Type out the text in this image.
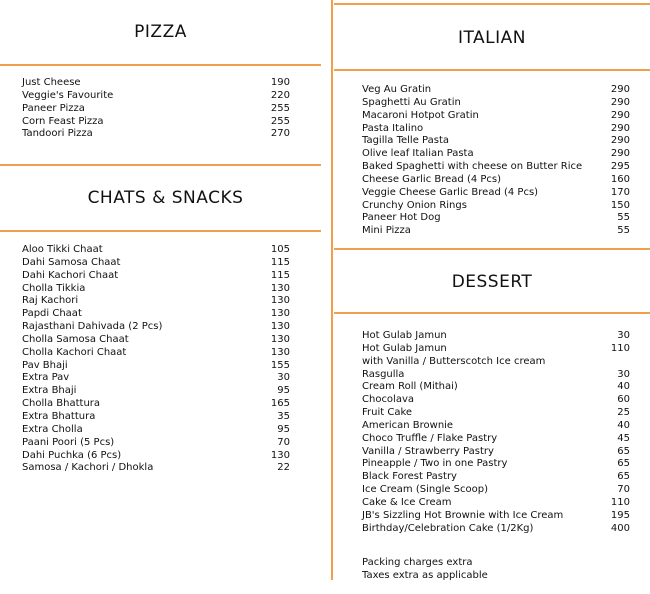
PIZZA
Just Cheese	190
Veggie's Favourite	220
Paneer Pizza	255
Corn Feast Pizza	255
Tandoori Pizza	270
CHATS & SNACKS
Aloo Tikki Chaat	105
Dahi Samosa Chaat	115
Dahi Kachori Chaat	115
Cholla Tikkia	130
Raj Kachori	130
Papdi Chaat	130
Rajasthani Dahivada (2 Pcs)	130
Cholla Samosa Chaat	130
Cholla Kachori Chaat	130
Pav Bhaji	155
Extra Pav	30
Extra Bhaji	95
Cholla Bhattura	165
Extra Bhattura	35
Extra Cholla	95
Paani Poori (5 Pcs)	70
Dahi Puchka (6 Pcs)	130
Samosa / Kachori / Dhokla	22
ITALIAN
Veg Au Gratin	290
Spaghetti Au Gratin	290
Macaroni Hotpot Gratin	290
Pasta Italino	290
Tagilla Telle Pasta	290
Olive leaf Italian Pasta	290
Baked Spaghetti with cheese on Butter Rice	295
Cheese Garlic Bread (4 Pcs)	160
Veggie Cheese Garlic Bread (4 Pcs)	170
Crunchy Onion Rings	150
Paneer Hot Dog	55
Mini Pizza	55
DESSERT
Hot Gulab Jamun	30
Hot Gulab Jamun	110
with Vanilla / Butterscotch Ice cream
Rasgulla	30
Cream Roll (Mithai)	40
Chocolava	60
Fruit Cake	25
American Brownie	40
Choco Truffle / Flake Pastry	45
Vanilla / Strawberry Pastry	65
Pineapple / Two in one Pastry	65
Black Forest Pastry	65
Ice Cream (Single Scoop)	70
Cake & Ice Cream	110
JB's Sizzling Hot Brownie with Ice Cream	195
Birthday/Celebration Cake (1/2Kg)	400
Packing charges extra
Taxes extra as applicable
